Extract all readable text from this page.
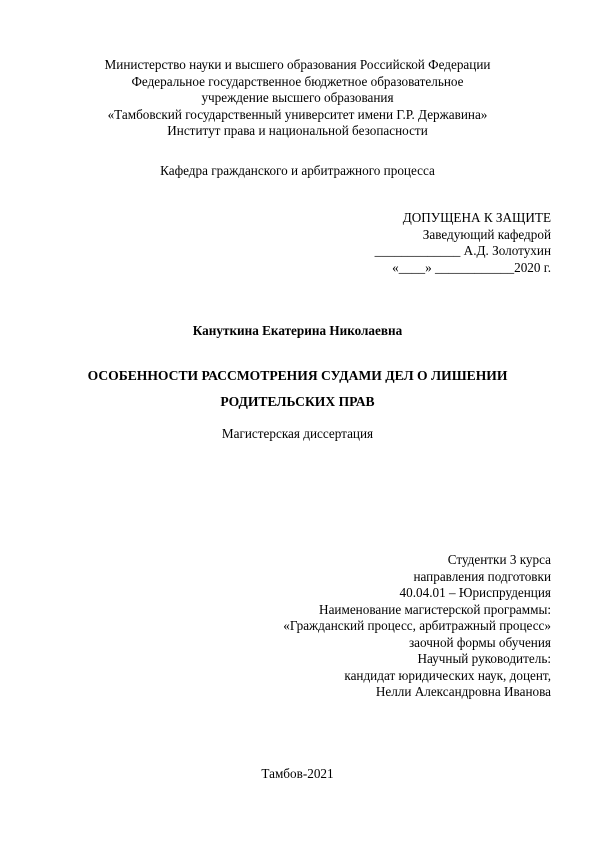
Министерство науки и высшего образования Российской Федерации
Федеральное государственное бюджетное образовательное
учреждение высшего образования
«Тамбовский государственный университет имени Г.Р. Державина»
Институт права и национальной безопасности
Кафедра гражданского и арбитражного процесса
ДОПУЩЕНА К ЗАЩИТЕ
Заведующий кафедрой
_____________ А.Д. Золотухин
«____» ____________2020 г.
Кануткина Екатерина Николаевна
ОСОБЕННОСТИ РАССМОТРЕНИЯ СУДАМИ ДЕЛ О ЛИШЕНИИ
РОДИТЕЛЬСКИХ ПРАВ
Магистерская диссертация
Студентки 3 курса
направления подготовки
40.04.01 – Юриспруденция
Наименование магистерской программы:
«Гражданский процесс, арбитражный процесс»
заочной формы обучения
Научный руководитель:
кандидат юридических наук, доцент,
Нелли Александровна Иванова
Тамбов-2021
